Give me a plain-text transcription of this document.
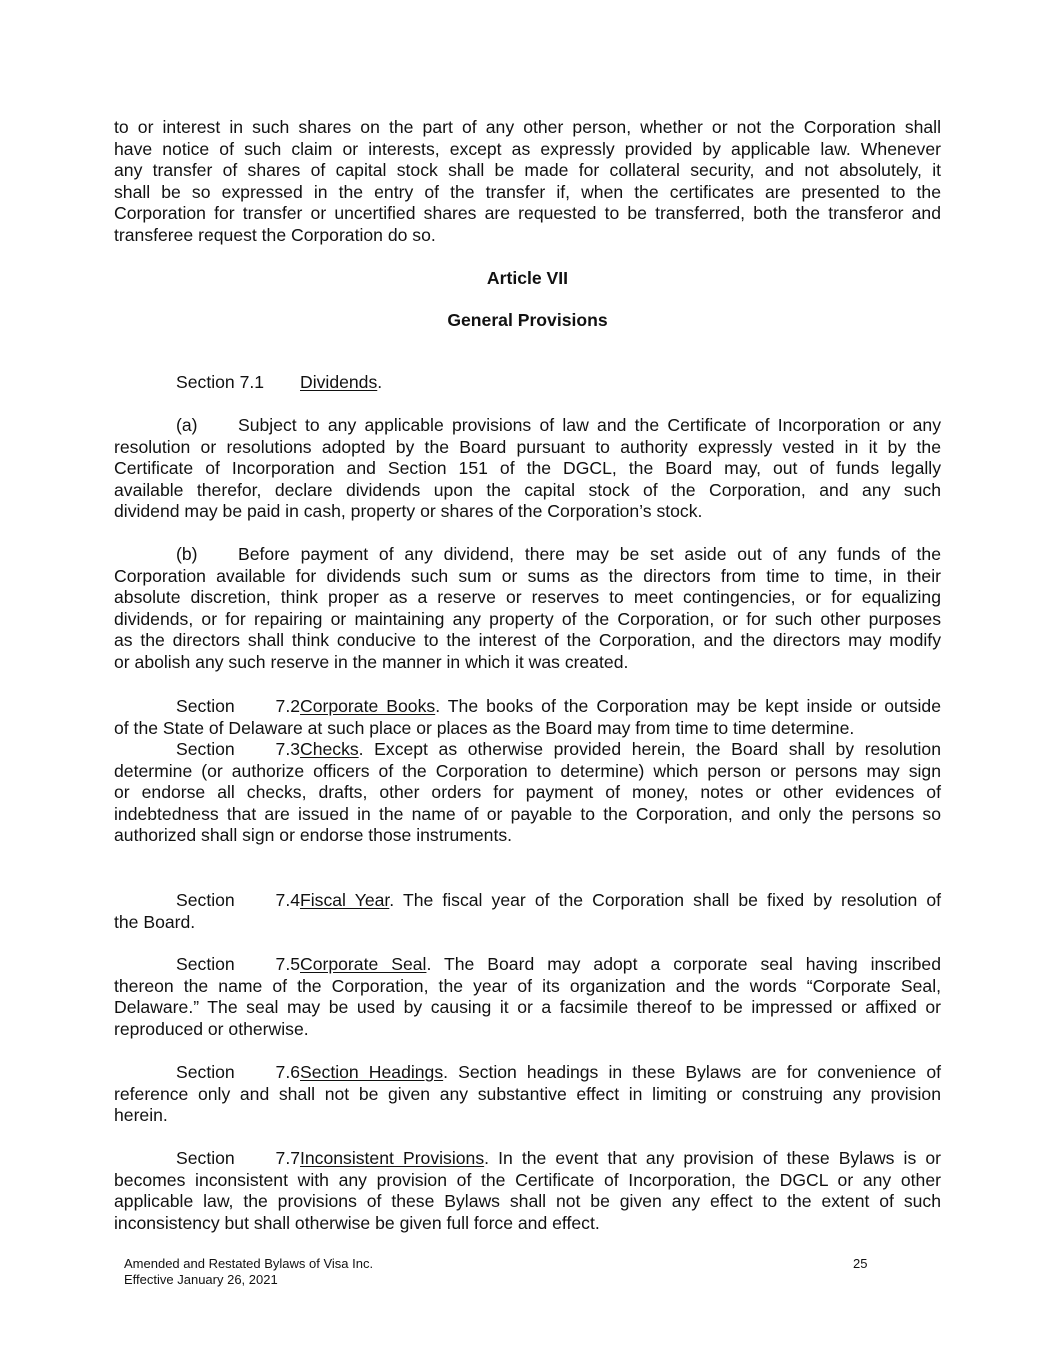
to or interest in such shares on the part of any other person, whether or not the Corporation shall
have notice of such claim or interests, except as expressly provided by applicable law. Whenever
any transfer of shares of capital stock shall be made for collateral security, and not absolutely, it
shall be so expressed in the entry of the transfer if, when the certificates are presented to the
Corporation for transfer or uncertified shares are requested to be transferred, both the transferor and
transferee request the Corporation do so.
Article VII
General Provisions
Section 7.1 Dividends.
(a) Subject to any applicable provisions of law and the Certificate of Incorporation or any
resolution or resolutions adopted by the Board pursuant to authority expressly vested in it by the
Certificate of Incorporation and Section 151 of the DGCL, the Board may, out of funds legally
available therefor, declare dividends upon the capital stock of the Corporation, and any such
dividend may be paid in cash, property or shares of the Corporation’s stock.
(b) Before payment of any dividend, there may be set aside out of any funds of the
Corporation available for dividends such sum or sums as the directors from time to time, in their
absolute discretion, think proper as a reserve or reserves to meet contingencies, or for equalizing
dividends, or for repairing or maintaining any property of the Corporation, or for such other purposes
as the directors shall think conducive to the interest of the Corporation, and the directors may modify
or abolish any such reserve in the manner in which it was created.
Section 7.2Corporate Books. The books of the Corporation may be kept inside or outside
of the State of Delaware at such place or places as the Board may from time to time determine.
Section 7.3Checks. Except as otherwise provided herein, the Board shall by resolution
determine (or authorize officers of the Corporation to determine) which person or persons may sign
or endorse all checks, drafts, other orders for payment of money, notes or other evidences of
indebtedness that are issued in the name of or payable to the Corporation, and only the persons so
authorized shall sign or endorse those instruments.
Section 7.4Fiscal Year. The fiscal year of the Corporation shall be fixed by resolution of
the Board.
Section 7.5Corporate Seal. The Board may adopt a corporate seal having inscribed
thereon the name of the Corporation, the year of its organization and the words “Corporate Seal,
Delaware.” The seal may be used by causing it or a facsimile thereof to be impressed or affixed or
reproduced or otherwise.
Section 7.6Section Headings. Section headings in these Bylaws are for convenience of
reference only and shall not be given any substantive effect in limiting or construing any provision
herein.
Section 7.7Inconsistent Provisions. In the event that any provision of these Bylaws is or
becomes inconsistent with any provision of the Certificate of Incorporation, the DGCL or any other
applicable law, the provisions of these Bylaws shall not be given any effect to the extent of such
inconsistency but shall otherwise be given full force and effect.
Amended and Restated Bylaws of Visa Inc.
Effective January 26, 2021
25
